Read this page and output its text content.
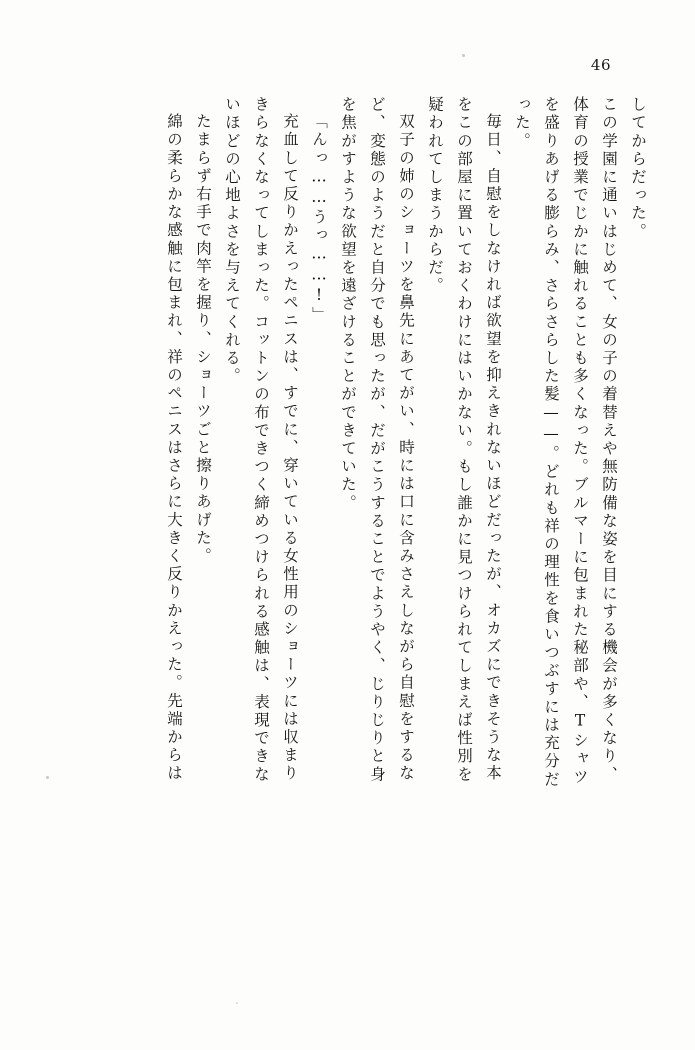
46
してからだった。
この学園に通いはじめて、女の子の着替えや無防備な姿を目にする機会が多くなり、
体育の授業でじかに触れることも多くなった。ブルマーに包まれた秘部や、Tシャツ
を盛りあげる膨らみ、さらさらした髪——。どれも祥の理性を食いつぶすには充分だ
った。
毎日、自慰をしなければ欲望を抑えきれないほどだったが、オカズにできそうな本
をこの部屋に置いておくわけにはいかない。もし誰かに見つけられてしまえば性別を
疑われてしまうからだ。
双子の姉のショーツを鼻先にあてがい、時には口に含みさえしながら自慰をするな
ど、変態のようだと自分でも思ったが、だがこうすることでようやく、じりじりと身
を焦がすような欲望を遠ざけることができていた。
「んっ……うっ……!」
充血して反りかえったペニスは、すでに、穿いている女性用のショーツには収まり
きらなくなってしまった。コットンの布できつく締めつけられる感触は、表現できな
いほどの心地よさを与えてくれる。
たまらず右手で肉竿を握り、ショーツごと擦りあげた。
綿の柔らかな感触に包まれ、祥のペニスはさらに大きく反りかえった。先端からは
